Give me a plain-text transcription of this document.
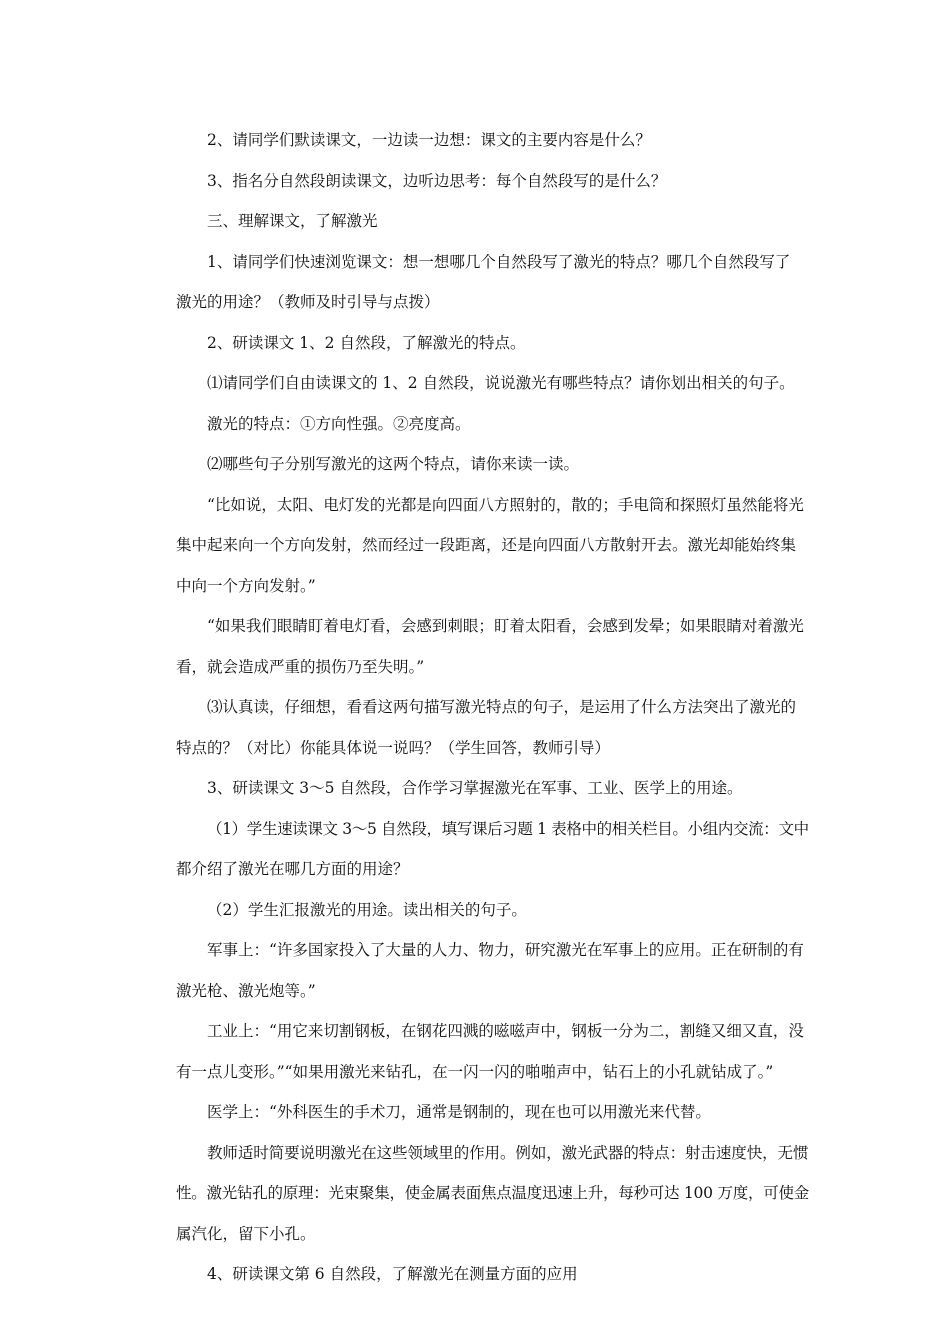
2、请同学们默读课文，一边读一边想：课文的主要内容是什么？
3、指名分自然段朗读课文，边听边思考：每个自然段写的是什么？
三、理解课文，了解激光
1、请同学们快速浏览课文：想一想哪几个自然段写了激光的特点？哪几个自然段写了
激光的用途？（教师及时引导与点拨）
2、研读课文 1、2 自然段，了解激光的特点。
⑴请同学们自由读课文的 1、2 自然段，说说激光有哪些特点？请你划出相关的句子。
激光的特点：①方向性强。②亮度高。
⑵哪些句子分别写激光的这两个特点，请你来读一读。
“比如说，太阳、电灯发的光都是向四面八方照射的，散的；手电筒和探照灯虽然能将光
集中起来向一个方向发射，然而经过一段距离，还是向四面八方散射开去。激光却能始终集
中向一个方向发射。”
“如果我们眼睛盯着电灯看，会感到刺眼；盯着太阳看，会感到发晕；如果眼睛对着激光
看，就会造成严重的损伤乃至失明。”
⑶认真读，仔细想，看看这两句描写激光特点的句子，是运用了什么方法突出了激光的
特点的？（对比）你能具体说一说吗？（学生回答，教师引导）
3、研读课文 3～5 自然段，合作学习掌握激光在军事、工业、医学上的用途。
（1）学生速读课文 3～5 自然段，填写课后习题 1 表格中的相关栏目。小组内交流：文中
都介绍了激光在哪几方面的用途？
（2）学生汇报激光的用途。读出相关的句子。
军事上：“许多国家投入了大量的人力、物力，研究激光在军事上的应用。正在研制的有
激光枪、激光炮等。”
工业上：“用它来切割钢板，在钢花四溅的嗞嗞声中，钢板一分为二，割缝又细又直，没
有一点儿变形。”“如果用激光来钻孔，在一闪一闪的啪啪声中，钻石上的小孔就钻成了。”
医学上：“外科医生的手术刀，通常是钢制的，现在也可以用激光来代替。
教师适时简要说明激光在这些领域里的作用。例如，激光武器的特点：射击速度快，无惯
性。激光钻孔的原理：光束聚集，使金属表面焦点温度迅速上升，每秒可达 100 万度，可使金
属汽化，留下小孔。
4、研读课文第 6 自然段，了解激光在测量方面的应用
